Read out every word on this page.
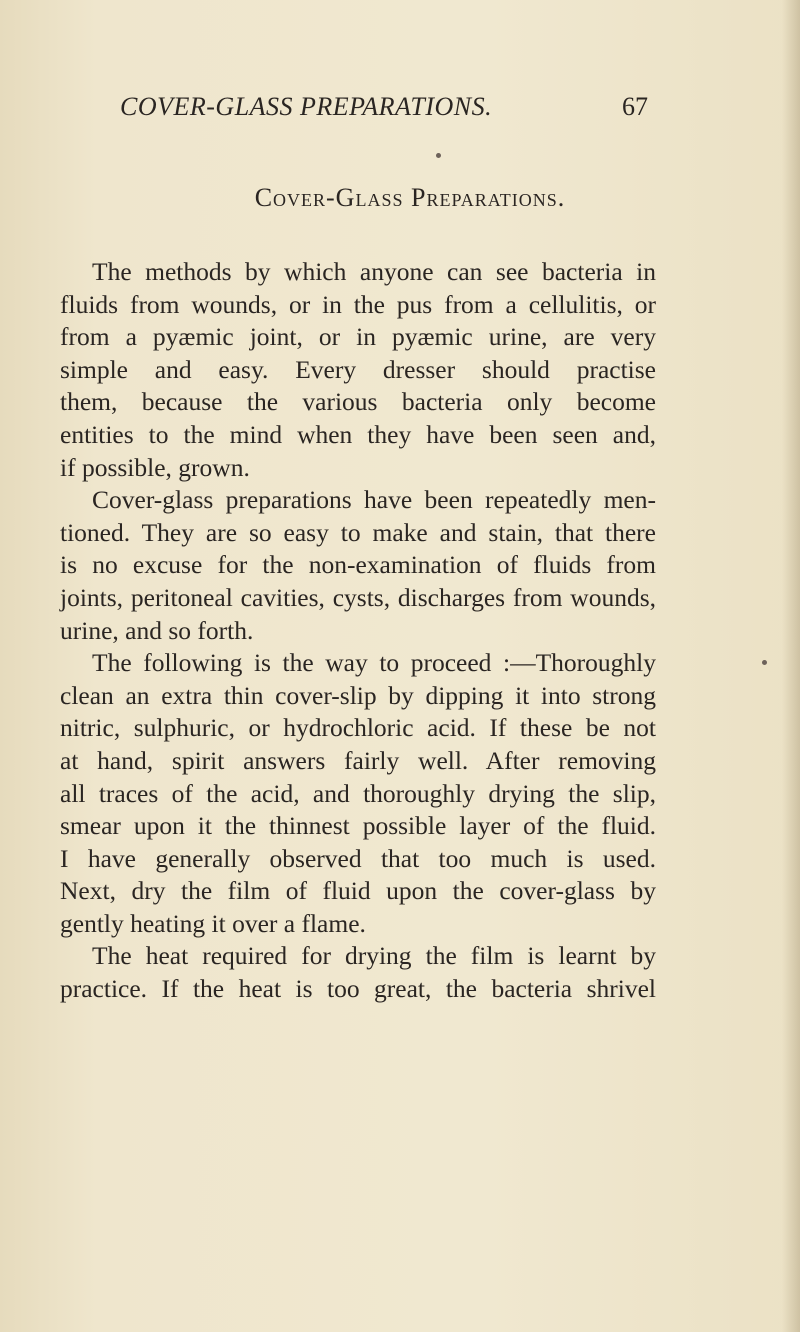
COVER-GLASS PREPARATIONS.	67
Cover-Glass Preparations.
The methods by which anyone can see bacteria in
fluids from wounds, or in the pus from a cellulitis, or
from a pyæmic joint, or in pyæmic urine, are very
simple and easy. Every dresser should practise
them, because the various bacteria only become
entities to the mind when they have been seen and,
if possible, grown.
Cover-glass preparations have been repeatedly men-
tioned. They are so easy to make and stain, that there
is no excuse for the non-examination of fluids from
joints, peritoneal cavities, cysts, discharges from wounds,
urine, and so forth.
The following is the way to proceed :—Thoroughly
clean an extra thin cover-slip by dipping it into strong
nitric, sulphuric, or hydrochloric acid. If these be not
at hand, spirit answers fairly well. After removing
all traces of the acid, and thoroughly drying the slip,
smear upon it the thinnest possible layer of the fluid.
I have generally observed that too much is used.
Next, dry the film of fluid upon the cover-glass by
gently heating it over a flame.
The heat required for drying the film is learnt by
practice. If the heat is too great, the bacteria shrivel
